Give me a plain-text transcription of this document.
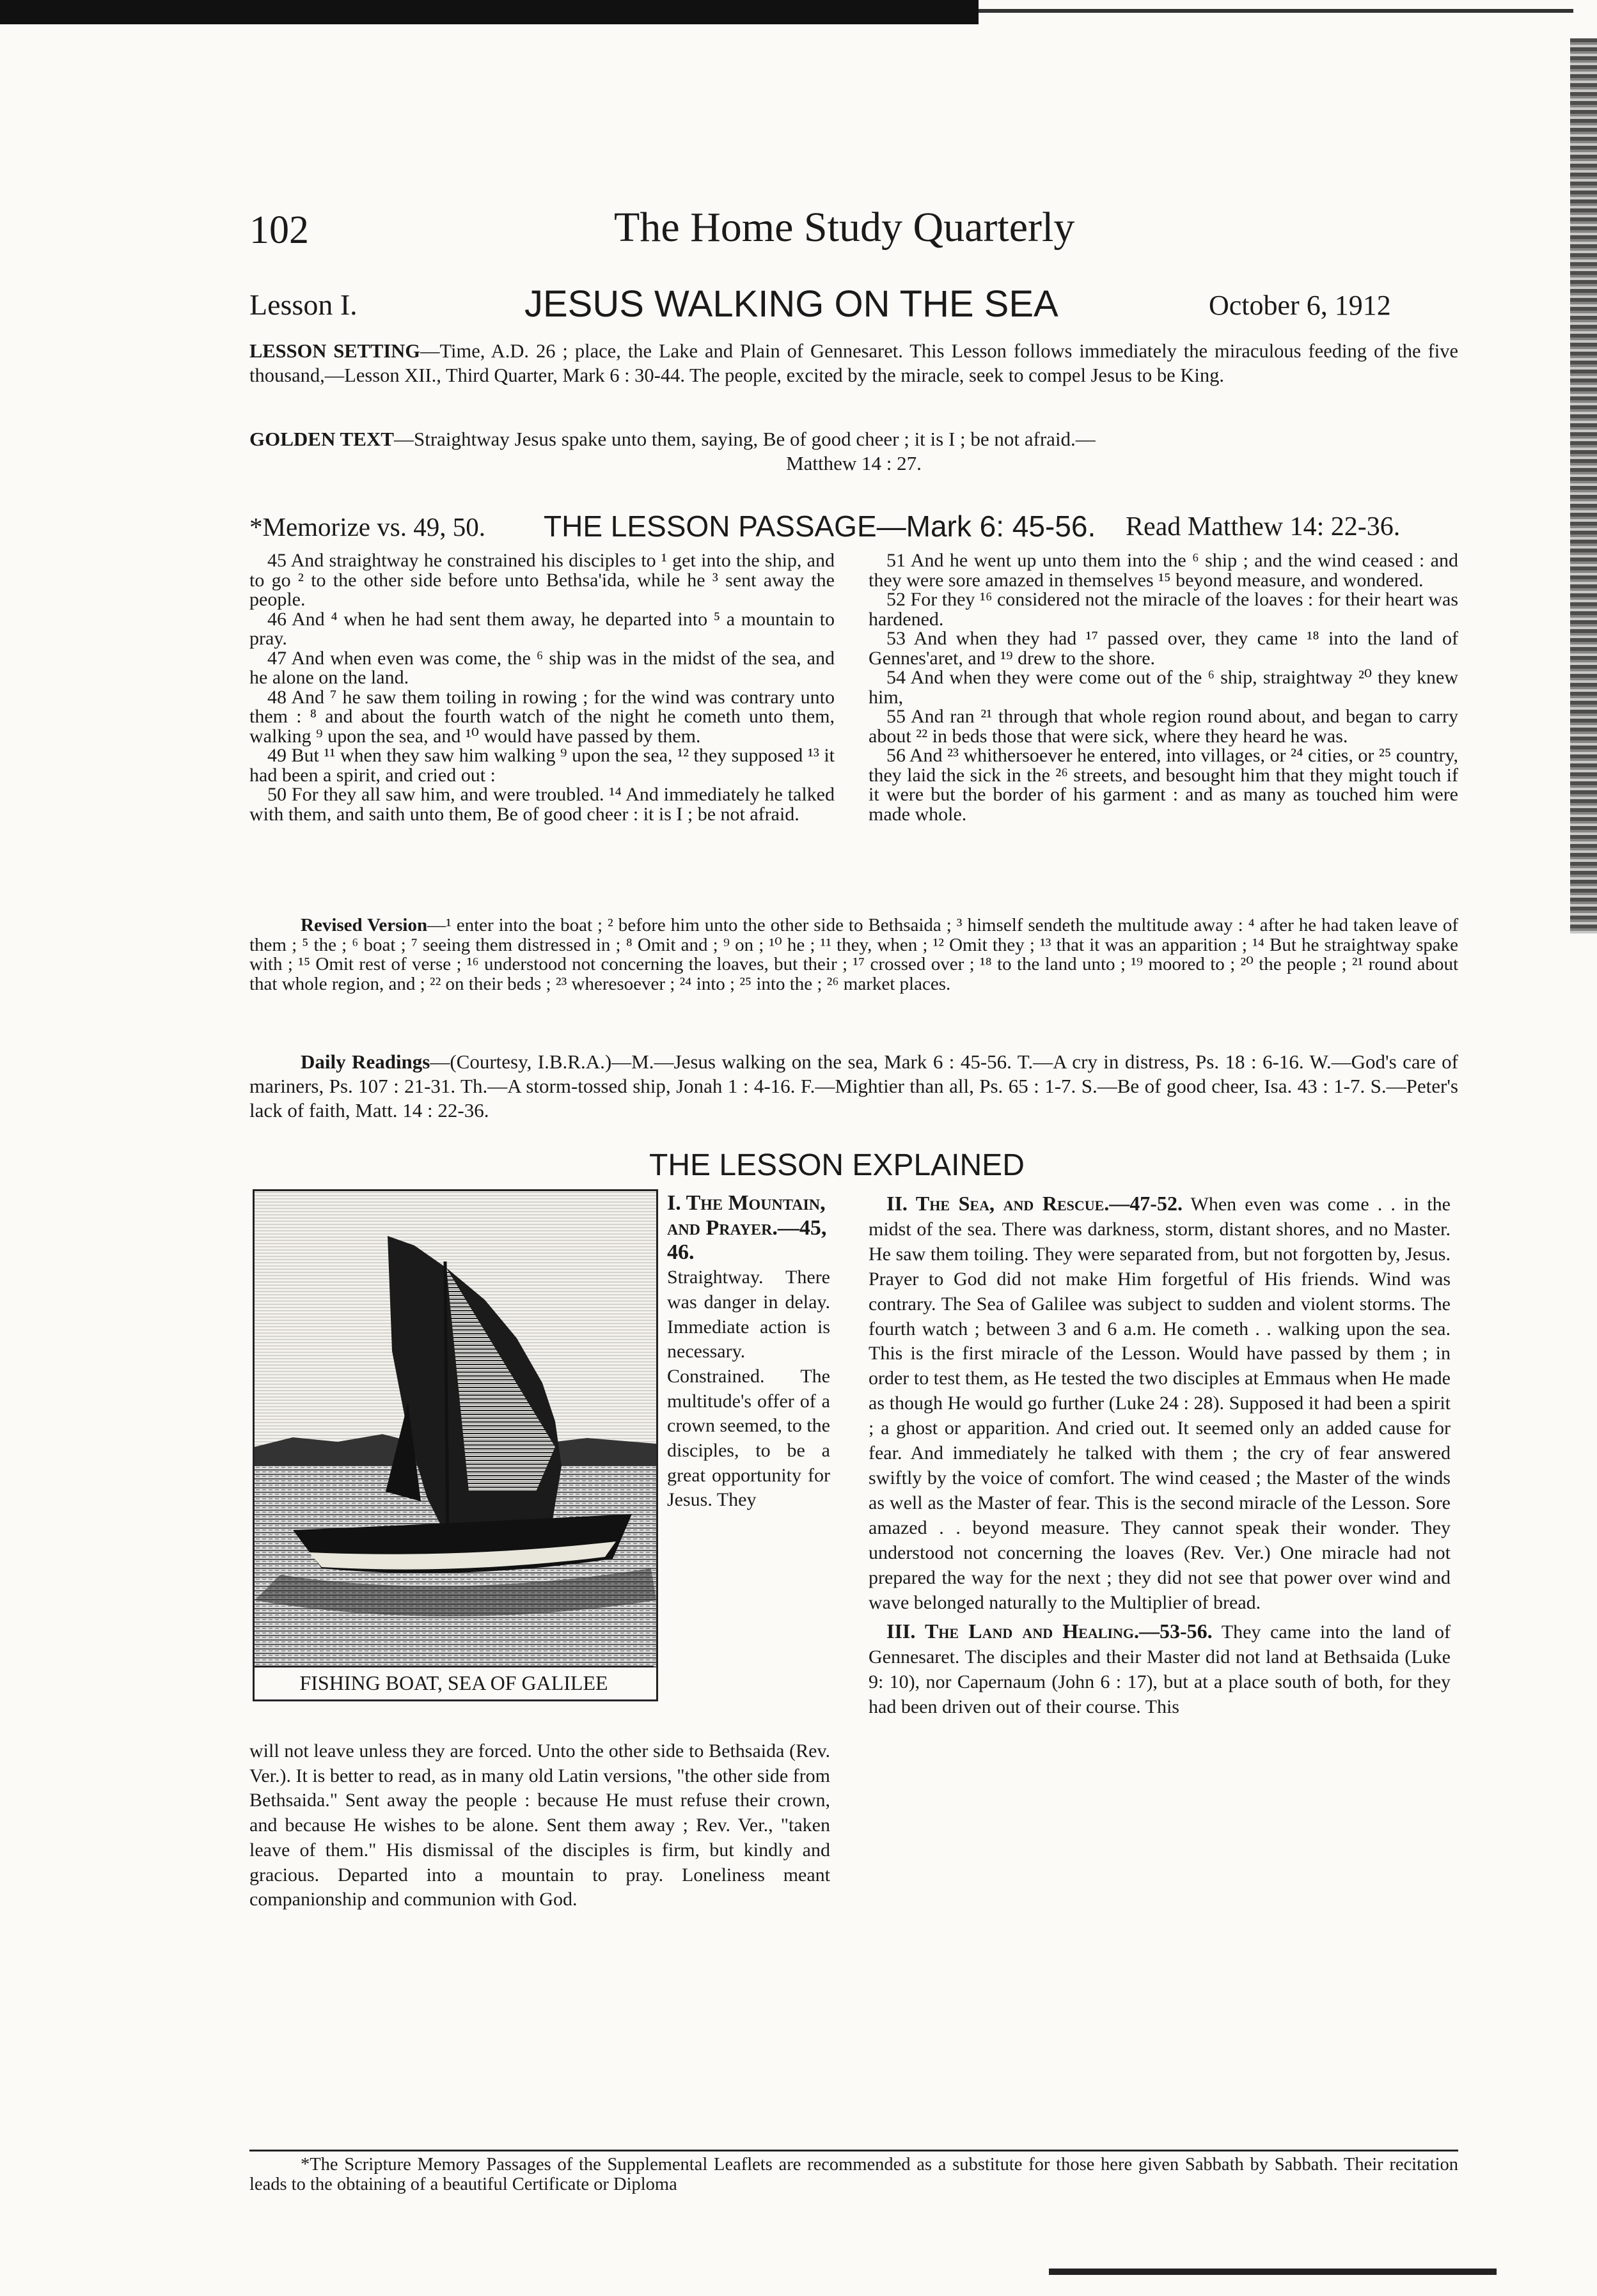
102	The Home Study Quarterly
Lesson I.	JESUS WALKING ON THE SEA	October 6, 1912
LESSON SETTING—Time, A.D. 26 ; place, the Lake and Plain of Gennesaret. This Lesson follows immediately the miraculous feeding of the five thousand,—Lesson XII., Third Quarter, Mark 6 : 30-44. The people, excited by the miracle, seek to compel Jesus to be King.
GOLDEN TEXT—Straightway Jesus spake unto them, saying, Be of good cheer ; it is I ; be not afraid.—
Matthew 14 : 27.
*Memorize vs. 49, 50. THE LESSON PASSAGE—Mark 6: 45-56. Read Matthew 14: 22-36.

45 And straightway he constrained his disciples to ¹ get into the ship, and to go ² to the other side before unto Bethsa'ida, while he ³ sent away the people.

46 And ⁴ when he had sent them away, he departed into ⁵ a mountain to pray.

47 And when even was come, the ⁶ ship was in the midst of the sea, and he alone on the land.

48 And ⁷ he saw them toiling in rowing ; for the wind was contrary unto them : ⁸ and about the fourth watch of the night he cometh unto them, walking ⁹ upon the sea, and ¹⁰ would have passed by them.

49 But ¹¹ when they saw him walking ⁹ upon the sea, ¹² they supposed ¹³ it had been a spirit, and cried out :

50 For they all saw him, and were troubled. ¹⁴ And immediately he talked with them, and saith unto them, Be of good cheer : it is I ; be not afraid.

51 And he went up unto them into the ⁶ ship ; and the wind ceased : and they were sore amazed in themselves ¹⁵ beyond measure, and wondered.

52 For they ¹⁶ considered not the miracle of the loaves : for their heart was hardened.

53 And when they had ¹⁷ passed over, they came ¹⁸ into the land of Gennes'aret, and ¹⁹ drew to the shore.

54 And when they were come out of the ⁶ ship, straightway ²⁰ they knew him,

55 And ran ²¹ through that whole region round about, and began to carry about ²² in beds those that were sick, where they heard he was.

56 And ²³ whithersoever he entered, into villages, or ²⁴ cities, or ²⁵ country, they laid the sick in the ²⁶ streets, and besought him that they might touch if it were but the border of his garment : and as many as touched him were made whole.

Revised Version—¹ enter into the boat ; ² before him unto the other side to Bethsaida ; ³ himself sendeth the multitude away : ⁴ after he had taken leave of them ; ⁵ the ; ⁶ boat ; ⁷ seeing them distressed in ; ⁸ Omit and ; ⁹ on ; ¹⁰ he ; ¹¹ they, when ; ¹² Omit they ; ¹³ that it was an apparition ; ¹⁴ But he straightway spake with ; ¹⁵ Omit rest of verse ; ¹⁶ understood not concerning the loaves, but their ; ¹⁷ crossed over ; ¹⁸ to the land unto ; ¹⁹ moored to ; ²⁰ the people ; ²¹ round about that whole region, and ; ²² on their beds ; ²³ wheresoever ; ²⁴ into ; ²⁵ into the ; ²⁶ market places.
Daily Readings—(Courtesy, I.B.R.A.)—M.—Jesus walking on the sea, Mark 6 : 45-56. T.—A cry in distress, Ps. 18 : 6-16. W.—God's care of mariners, Ps. 107 : 21-31. Th.—A storm-tossed ship, Jonah 1 : 4-16. F.—Mightier than all, Ps. 65 : 1-7. S.—Be of good cheer, Isa. 43 : 1-7. S.—Peter's lack of faith, Matt. 14 : 22-36.
THE LESSON EXPLAINED
FISHING BOAT, SEA OF GALILEE
I. The Mountain, and Prayer.—45, 46.
Straightway. There was danger in delay. Immediate action is necessary. Constrained. The multitude's offer of a crown seemed, to the disciples, to be a great opportunity for Jesus. They
will not leave unless they are forced. Unto the other side to Bethsaida (Rev. Ver.). It is better to read, as in many old Latin versions, "the other side from Bethsaida." Sent away the people : because He must refuse their crown, and because He wishes to be alone. Sent them away ; Rev. Ver., "taken leave of them." His dismissal of the disciples is firm, but kindly and gracious. Departed into a mountain to pray. Loneliness meant companionship and communion with God.

II. The Sea, and Rescue.—47-52. When even was come . . in the midst of the sea. There was darkness, storm, distant shores, and no Master. He saw them toiling. They were separated from, but not forgotten by, Jesus. Prayer to God did not make Him forgetful of His friends. Wind was contrary. The Sea of Galilee was subject to sudden and violent storms. The fourth watch ; between 3 and 6 a.m. He cometh . . walking upon the sea. This is the first miracle of the Lesson. Would have passed by them ; in order to test them, as He tested the two disciples at Emmaus when He made as though He would go further (Luke 24 : 28). Supposed it had been a spirit ; a ghost or apparition. And cried out. It seemed only an added cause for fear. And immediately he talked with them ; the cry of fear answered swiftly by the voice of comfort. The wind ceased ; the Master of the winds as well as the Master of fear. This is the second miracle of the Lesson. Sore amazed . . beyond measure. They cannot speak their wonder. They understood not concerning the loaves (Rev. Ver.) One miracle had not prepared the way for the next ; they did not see that power over wind and wave belonged naturally to the Multiplier of bread.

III. The Land and Healing.—53-56. They came into the land of Gennesaret. The disciples and their Master did not land at Bethsaida (Luke 9: 10), nor Capernaum (John 6 : 17), but at a place south of both, for they had been driven out of their course. This

*The Scripture Memory Passages of the Supplemental Leaflets are recommended as a substitute for those here given Sabbath by Sabbath. Their recitation leads to the obtaining of a beautiful Certificate or Diploma
